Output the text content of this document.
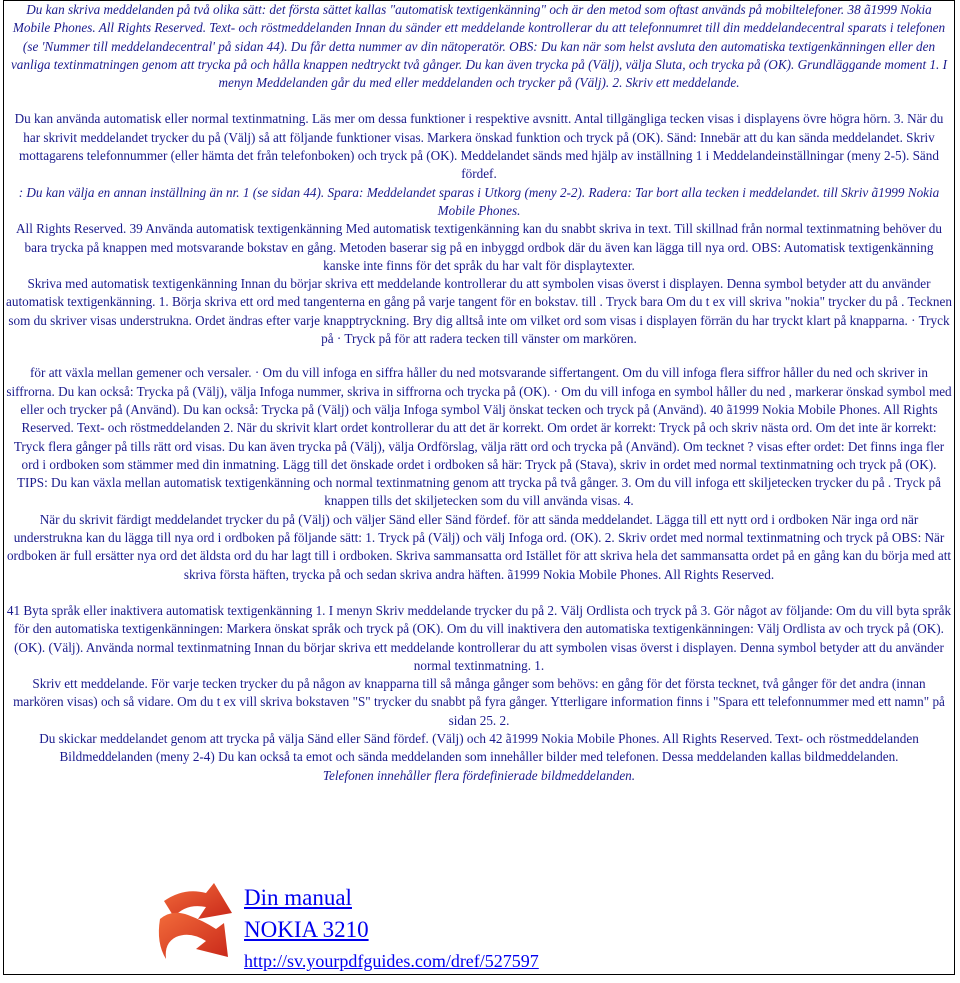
Du kan skriva meddelanden på två olika sätt: det första sättet kallas "automatisk textigenkänning" och är den metod som oftast används på mobiltelefoner. 38 ã1999 Nokia Mobile Phones. All Rights Reserved. Text- och röstmeddelanden Innan du sänder ett meddelande kontrollerar du att telefonnumret till din meddelandecentral sparats i telefonen (se 'Nummer till meddelandecentral' på sidan 44). Du får detta nummer av din nätoperatör. OBS: Du kan när som helst avsluta den automatiska textigenkänningen eller den vanliga textinmatningen genom att trycka på och hålla knappen nedtryckt två gånger. Du kan även trycka på (Välj), välja Sluta, och trycka på (OK). Grundläggande moment 1. I menyn Meddelanden går du med eller meddelanden och trycker på (Välj). 2. Skriv ett meddelande.

Du kan använda automatisk eller normal textinmatning. Läs mer om dessa funktioner i respektive avsnitt. Antal tillgängliga tecken visas i displayens övre högra hörn. 3. När du har skrivit meddelandet trycker du på (Välj) så att följande funktioner visas. Markera önskad funktion och tryck på (OK). Sänd: Innebär att du kan sända meddelandet. Skriv mottagarens telefonnummer (eller hämta det från telefonboken) och tryck på (OK). Meddelandet sänds med hjälp av inställning 1 i Meddelandeinställningar (meny 2-5). Sänd fördef.

: Du kan välja en annan inställning än nr. 1 (se sidan 44). Spara: Meddelandet sparas i Utkorg (meny 2-2). Radera: Tar bort alla tecken i meddelandet. till Skriv ã1999 Nokia Mobile Phones.

All Rights Reserved. 39 Använda automatisk textigenkänning Med automatisk textigenkänning kan du snabbt skriva in text. Till skillnad från normal textinmatning behöver du bara trycka på knappen med motsvarande bokstav en gång. Metoden baserar sig på en inbyggd ordbok där du även kan lägga till nya ord. OBS: Automatisk textigenkänning kanske inte finns för det språk du har valt för displaytexter.

Skriva med automatisk textigenkänning Innan du börjar skriva ett meddelande kontrollerar du att symbolen visas överst i displayen. Denna symbol betyder att du använder automatisk textigenkänning. 1. Börja skriva ett ord med tangenterna en gång på varje tangent för en bokstav. till . Tryck bara Om du t ex vill skriva "nokia" trycker du på . Tecknen som du skriver visas understrukna. Ordet ändras efter varje knapptryckning. Bry dig alltså inte om vilket ord som visas i displayen förrän du har tryckt klart på knapparna. · Tryck på · Tryck på för att radera tecken till vänster om markören.

för att växla mellan gemener och versaler. · Om du vill infoga en siffra håller du ned motsvarande siffertangent. Om du vill infoga flera siffror håller du ned och skriver in siffrorna. Du kan också: Trycka på (Välj), välja Infoga nummer, skriva in siffrorna och trycka på (OK). · Om du vill infoga en symbol håller du ned , markerar önskad symbol med eller och trycker på (Använd). Du kan också: Trycka på (Välj) och välja Infoga symbol Välj önskat tecken och tryck på (Använd). 40 ã1999 Nokia Mobile Phones. All Rights Reserved. Text- och röstmeddelanden 2. När du skrivit klart ordet kontrollerar du att det är korrekt. Om ordet är korrekt: Tryck på och skriv nästa ord. Om det inte är korrekt: Tryck flera gånger på tills rätt ord visas. Du kan även trycka på (Välj), välja Ordförslag, välja rätt ord och trycka på (Använd). Om tecknet ? visas efter ordet: Det finns inga fler ord i ordboken som stämmer med din inmatning. Lägg till det önskade ordet i ordboken så här: Tryck på (Stava), skriv in ordet med normal textinmatning och tryck på (OK).

TIPS: Du kan växla mellan automatisk textigenkänning och normal textinmatning genom att trycka på två gånger. 3. Om du vill infoga ett skiljetecken trycker du på . Tryck på knappen tills det skiljetecken som du vill använda visas. 4.

När du skrivit färdigt meddelandet trycker du på (Välj) och väljer Sänd eller Sänd fördef. för att sända meddelandet. Lägga till ett nytt ord i ordboken När inga ord när understrukna kan du lägga till nya ord i ordboken på följande sätt: 1. Tryck på (Välj) och välj Infoga ord. (OK). 2. Skriv ordet med normal textinmatning och tryck på OBS: När ordboken är full ersätter nya ord det äldsta ord du har lagt till i ordboken. Skriva sammansatta ord Istället för att skriva hela det sammansatta ordet på en gång kan du börja med att skriva första häften, trycka på och sedan skriva andra häften. ã1999 Nokia Mobile Phones. All Rights Reserved.

41 Byta språk eller inaktivera automatisk textigenkänning 1. I menyn Skriv meddelande trycker du på 2. Välj Ordlista och tryck på 3. Gör något av följande: Om du vill byta språk för den automatiska textigenkänningen: Markera önskat språk och tryck på (OK). Om du vill inaktivera den automatiska textigenkänningen: Välj Ordlista av och tryck på (OK). (OK). (Välj). Använda normal textinmatning Innan du börjar skriva ett meddelande kontrollerar du att symbolen visas överst i displayen. Denna symbol betyder att du använder normal textinmatning. 1.

Skriv ett meddelande. För varje tecken trycker du på någon av knapparna till så många gånger som behövs: en gång för det första tecknet, två gånger för det andra (innan markören visas) och så vidare. Om du t ex vill skriva bokstaven "S" trycker du snabbt på fyra gånger. Ytterligare information finns i "Spara ett telefonnummer med ett namn" på sidan 25. 2.

Du skickar meddelandet genom att trycka på välja Sänd eller Sänd fördef. (Välj) och 42 ã1999 Nokia Mobile Phones. All Rights Reserved. Text- och röstmeddelanden Bildmeddelanden (meny 2-4) Du kan också ta emot och sända meddelanden som innehåller bilder med telefonen. Dessa meddelanden kallas bildmeddelanden.

Telefonen innehåller flera fördefinierade bildmeddelanden.

Din manual
NOKIA 3210
http://sv.yourpdfguides.com/dref/527597
